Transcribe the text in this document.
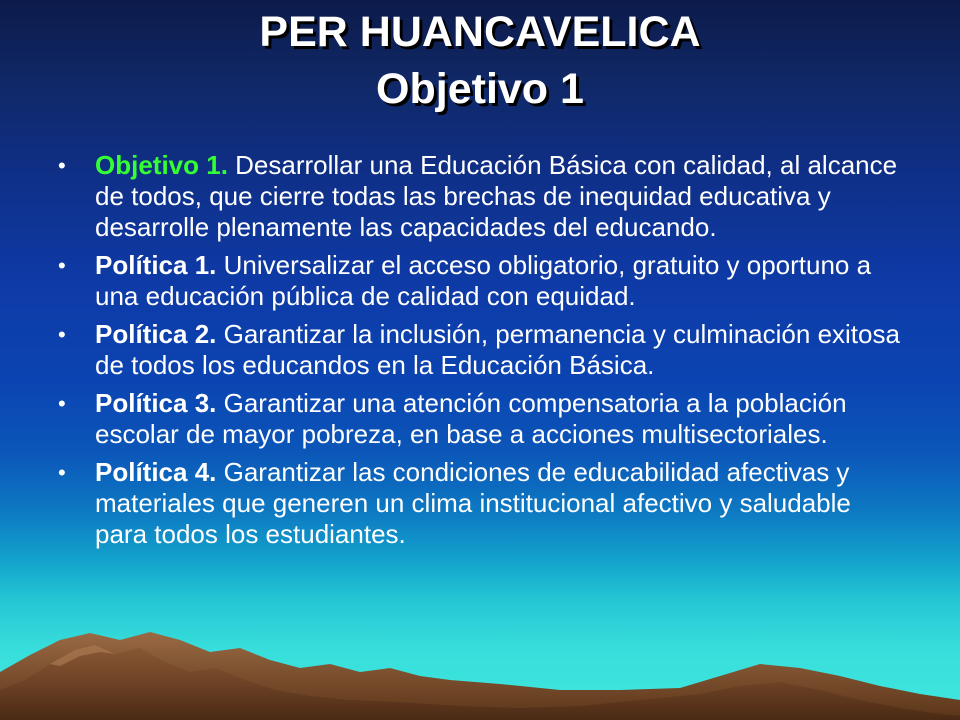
PER HUANCAVELICA
Objetivo 1
• Objetivo 1. Desarrollar una Educación Básica con calidad, al alcance de todos, que cierre todas las brechas de inequidad educativa y desarrolle plenamente las capacidades del educando.
• Política 1. Universalizar el acceso obligatorio, gratuito y oportuno a una educación pública de calidad con equidad.
• Política 2. Garantizar la inclusión, permanencia y culminación exitosa de todos los educandos en la Educación Básica.
• Política 3. Garantizar una atención compensatoria a la población escolar de mayor pobreza, en base a acciones multisectoriales.
• Política 4. Garantizar las condiciones de educabilidad afectivas y materiales que generen un clima institucional afectivo y saludable para todos los estudiantes.
